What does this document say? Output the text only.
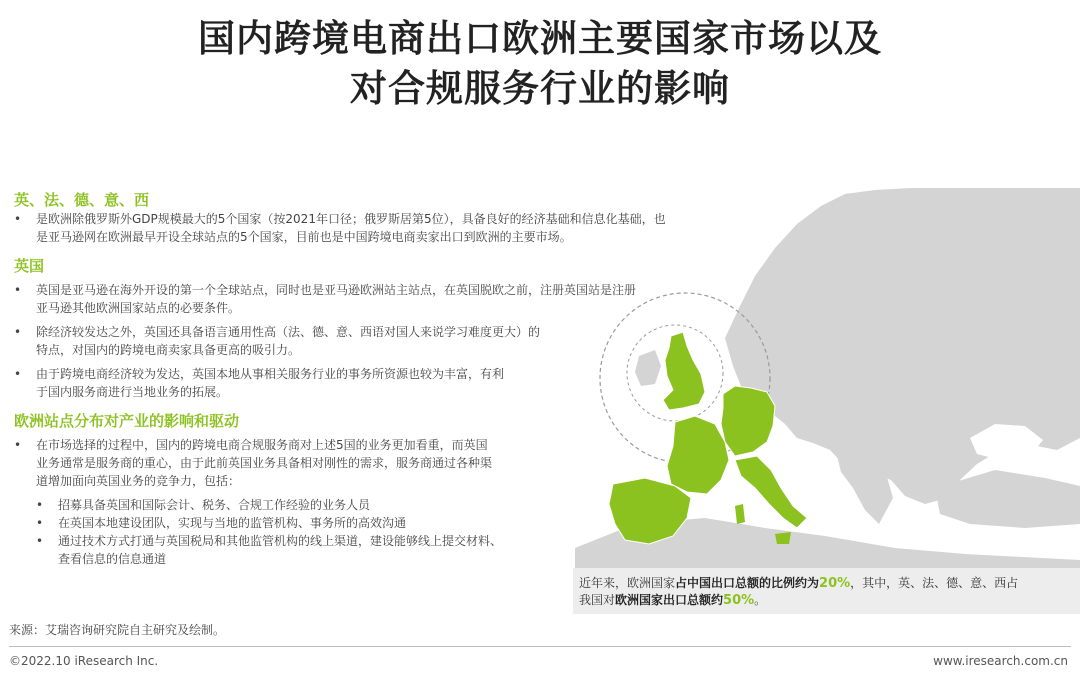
国内跨境电商出口欧洲主要国家市场以及
对合规服务行业的影响
英、法、德、意、西
• 是欧洲除俄罗斯外GDP规模最大的5个国家（按2021年口径；俄罗斯居第5位），具备良好的经济基础和信息化基础，也
是亚马逊网在欧洲最早开设全球站点的5个国家，目前也是中国跨境电商卖家出口到欧洲的主要市场。
英国
• 英国是亚马逊在海外开设的第一个全球站点，同时也是亚马逊欧洲站主站点，在英国脱欧之前，注册英国站是注册
亚马逊其他欧洲国家站点的必要条件。
• 除经济较发达之外，英国还具备语言通用性高（法、德、意、西语对国人来说学习难度更大）的
特点，对国内的跨境电商卖家具备更高的吸引力。
• 由于跨境电商经济较为发达，英国本地从事相关服务行业的事务所资源也较为丰富，有利
于国内服务商进行当地业务的拓展。
欧洲站点分布对产业的影响和驱动
• 在市场选择的过程中，国内的跨境电商合规服务商对上述5国的业务更加看重，而英国
业务通常是服务商的重心，由于此前英国业务具备相对刚性的需求，服务商通过各种渠
道增加面向英国业务的竞争力，包括：
• 招募具备英国和国际会计、税务、合规工作经验的业务人员
• 在英国本地建设团队，实现与当地的监管机构、事务所的高效沟通
• 通过技术方式打通与英国税局和其他监管机构的线上渠道，建设能够线上提交材料、
查看信息的信息通道
近年来，欧洲国家占中国出口总额的比例约为20%，其中，英、法、德、意、西占
我国对欧洲国家出口总额约50%。
来源：艾瑞咨询研究院自主研究及绘制。
©2022.10 iResearch Inc.	www.iresearch.com.cn
